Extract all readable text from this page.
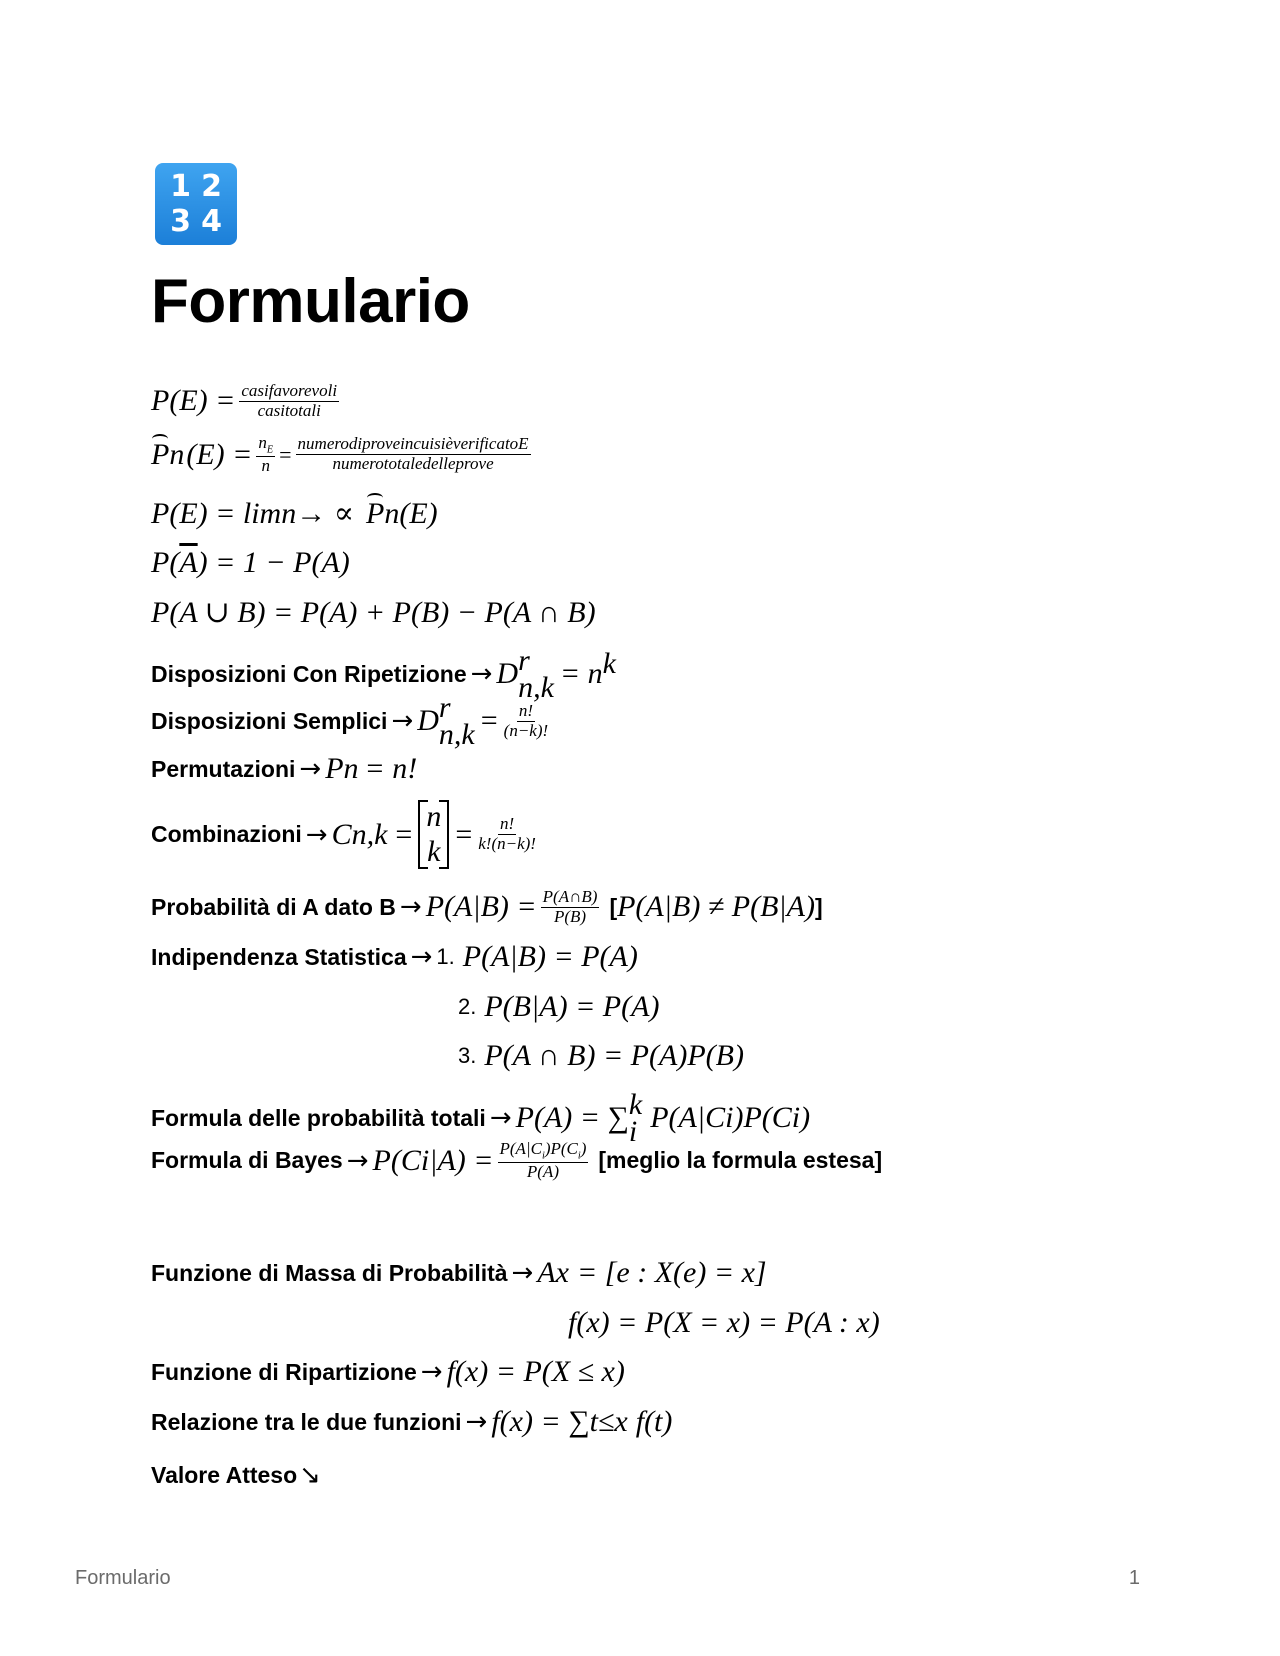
1 2
3 4
Formulario
$P(E) = \frac{\text{casifavorevoli}}{\text{casitotali}}$
P n $(E) = \frac{n_E}{n} = \frac{\text{numerodiproveincuisièverificatoE}}{\text{numerototaledelleprove}}$
P(E) = lim n→ ∝ P n (E)
P( $\overline{A}$ ) = 1 − P(A)
P(A ∪ B) = P(A) + P(B) − P(A ∩ B)
Disposizioni Con Ripetizione → D r
n,k = n k
Disposizioni Semplici → D r
$n,k = \frac{n!}{(n-k)!}$
Permutazioni → P n = n!
Combinazioni → C n,k =
n
k
= $\frac{n!}{k!(n-k)!}$
Probabilità di A dato $B \to P(A|B) = \frac{P(A\cap B)}{P(B)}$ [ P(A|B) ≠ P(B|A) ]
Indipendenza Statistica → 1. P(A|B) = P(A)
2. P(B|A) = P(A)
3. P(A ∩ B) = P(A)P(B)
Formula delle probabilità totali → P(A) = ∑ k
i P(A|C i )P(C i )
Formula di Bayes → P(C i $|A) = \frac{P(A|C_i)P(C_i)}{P(A)}$ [meglio la formula estesa]
Funzione di Massa di Probabilità → A x = [e : X(e) = x]
f(x) = P(X = x) = P(A : x)
Funzione di Ripartizione → f(x) = P(X ≤ x)
Relazione tra le due funzioni → f(x) = ∑ t≤x f(t)
Valore Atteso ↘
Formulario	1
